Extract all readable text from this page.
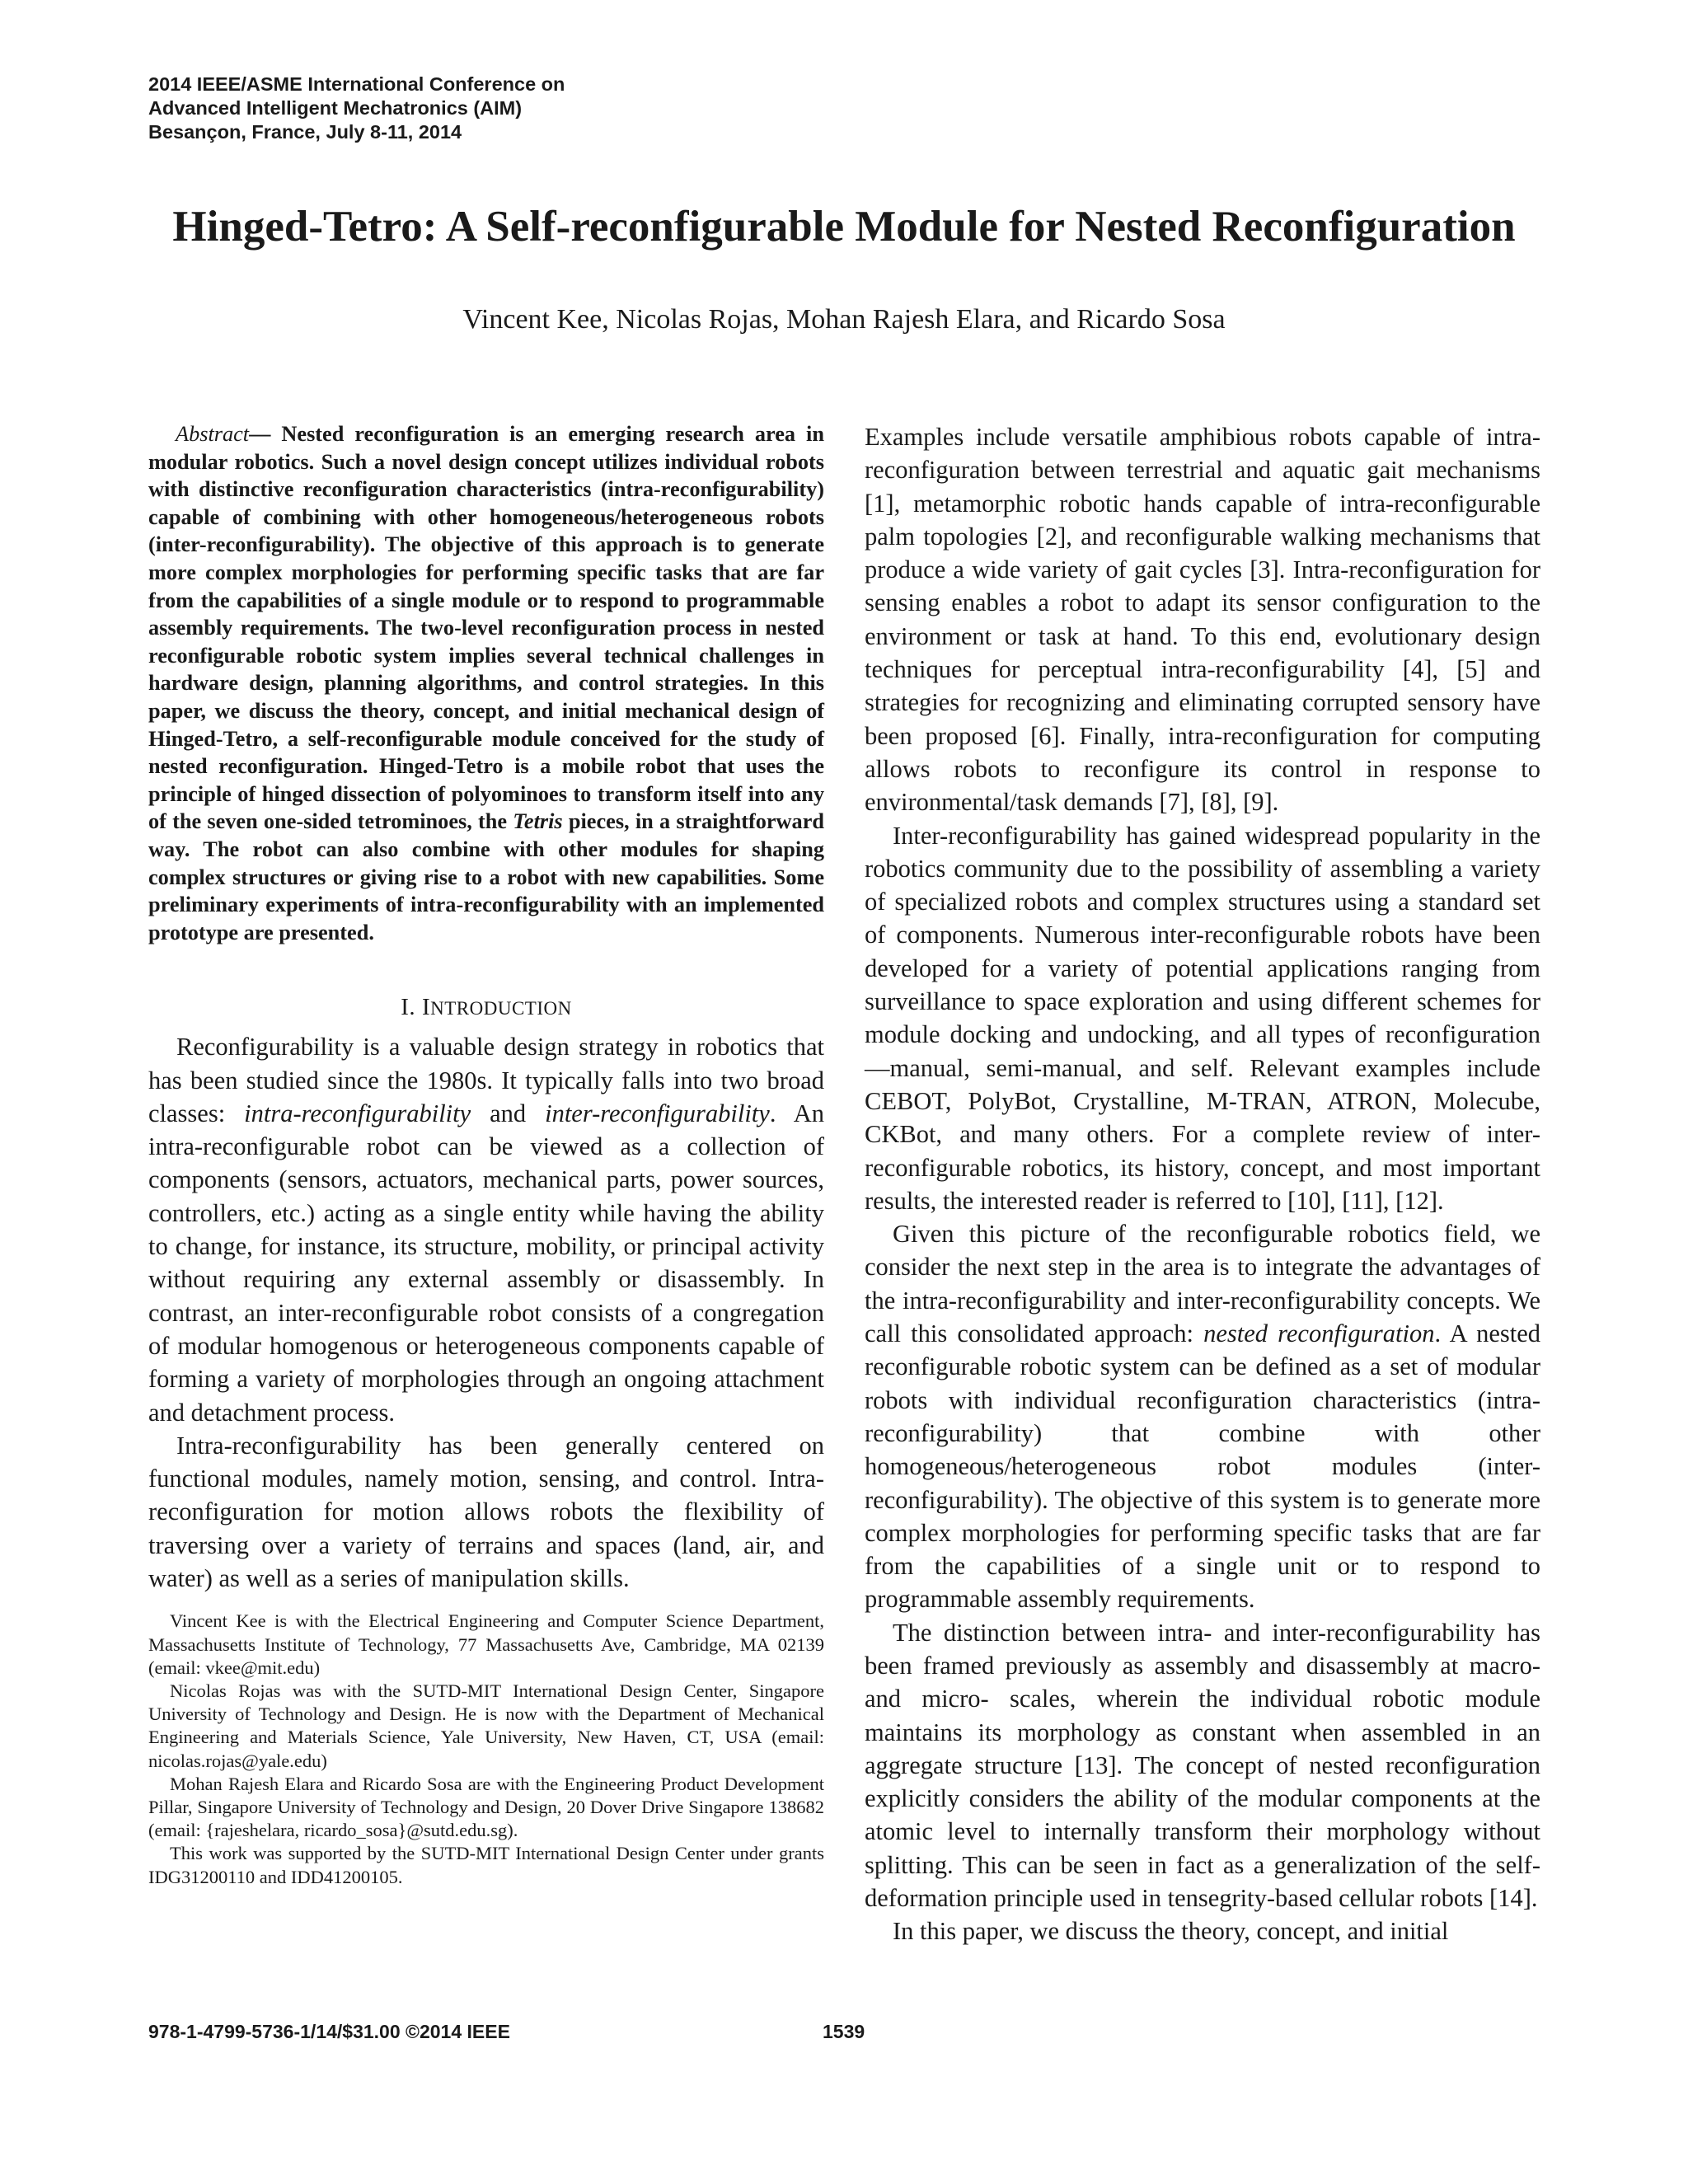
2014 IEEE/ASME International Conference on
Advanced Intelligent Mechatronics (AIM)
Besançon, France, July 8-11, 2014
Hinged-Tetro: A Self-reconfigurable Module for Nested Reconfiguration
Vincent Kee, Nicolas Rojas, Mohan Rajesh Elara, and Ricardo Sosa

Abstract— Nested reconfiguration is an emerging research area in modular robotics. Such a novel design concept utilizes individual robots with distinctive reconfiguration characteristics (intra-reconfigurability) capable of combining with other homogeneous/heterogeneous robots (inter-reconfigurability). The objective of this approach is to generate more complex morphologies for performing specific tasks that are far from the capabilities of a single module or to respond to programmable assembly requirements. The two-level reconfiguration process in nested reconfigurable robotic system implies several technical challenges in hardware design, planning algorithms, and control strategies. In this paper, we discuss the theory, concept, and initial mechanical design of Hinged-Tetro, a self-reconfigurable module conceived for the study of nested reconfiguration. Hinged-Tetro is a mobile robot that uses the principle of hinged dissection of polyominoes to transform itself into any of the seven one-sided tetrominoes, the Tetris pieces, in a straightforward way. The robot can also combine with other modules for shaping complex structures or giving rise to a robot with new capabilities. Some preliminary experiments of intra-reconfigurability with an implemented prototype are presented.

I. INTRODUCTION

Reconfigurability is a valuable design strategy in robotics that has been studied since the 1980s. It typically falls into two broad classes: intra-reconfigurability and inter-reconfigurability. An intra-reconfigurable robot can be viewed as a collection of components (sensors, actuators, mechanical parts, power sources, controllers, etc.) acting as a single entity while having the ability to change, for instance, its structure, mobility, or principal activity without requiring any external assembly or disassembly. In contrast, an inter-reconfigurable robot consists of a congregation of modular homogenous or heterogeneous components capable of forming a variety of morphologies through an ongoing attachment and detachment process.

Intra-reconfigurability has been generally centered on functional modules, namely motion, sensing, and control. Intra-reconfiguration for motion allows robots the flexibility of traversing over a variety of terrains and spaces (land, air, and water) as well as a series of manipulation skills.

Vincent Kee is with the Electrical Engineering and Computer Science Department, Massachusetts Institute of Technology, 77 Massachusetts Ave, Cambridge, MA 02139 (email: vkee@mit.edu)

Nicolas Rojas was with the SUTD-MIT International Design Center, Singapore University of Technology and Design. He is now with the Department of Mechanical Engineering and Materials Science, Yale University, New Haven, CT, USA (email: nicolas.rojas@yale.edu)

Mohan Rajesh Elara and Ricardo Sosa are with the Engineering Product Development Pillar, Singapore University of Technology and Design, 20 Dover Drive Singapore 138682 (email: {rajeshelara, ricardo_sosa}@sutd.edu.sg).

This work was supported by the SUTD-MIT International Design Center under grants IDG31200110 and IDD41200105.

Examples include versatile amphibious robots capable of intra-reconfiguration between terrestrial and aquatic gait mechanisms [1], metamorphic robotic hands capable of intra-reconfigurable palm topologies [2], and reconfigurable walking mechanisms that produce a wide variety of gait cycles [3]. Intra-reconfiguration for sensing enables a robot to adapt its sensor configuration to the environment or task at hand. To this end, evolutionary design techniques for perceptual intra-reconfigurability [4], [5] and strategies for recognizing and eliminating corrupted sensory have been proposed [6]. Finally, intra-reconfiguration for computing allows robots to reconfigure its control in response to environmental/task demands [7], [8], [9].

Inter-reconfigurability has gained widespread popularity in the robotics community due to the possibility of assembling a variety of specialized robots and complex structures using a standard set of components. Numerous inter-reconfigurable robots have been developed for a variety of potential applications ranging from surveillance to space exploration and using different schemes for module docking and undocking, and all types of reconfiguration —manual, semi-manual, and self. Relevant examples include CEBOT, PolyBot, Crystalline, M-TRAN, ATRON, Molecube, CKBot, and many others. For a complete review of inter-reconfigurable robotics, its history, concept, and most important results, the interested reader is referred to [10], [11], [12].

Given this picture of the reconfigurable robotics field, we consider the next step in the area is to integrate the advantages of the intra-reconfigurability and inter-reconfigurability concepts. We call this consolidated approach: nested reconfiguration. A nested reconfigurable robotic system can be defined as a set of modular robots with individual reconfiguration characteristics (intra-reconfigurability) that combine with other homogeneous/heterogeneous robot modules (inter-reconfigurability). The objective of this system is to generate more complex morphologies for performing specific tasks that are far from the capabilities of a single unit or to respond to programmable assembly requirements.

The distinction between intra- and inter-reconfigurability has been framed previously as assembly and disassembly at macro- and micro- scales, wherein the individual robotic module maintains its morphology as constant when assembled in an aggregate structure [13]. The concept of nested reconfiguration explicitly considers the ability of the modular components at the atomic level to internally transform their morphology without splitting. This can be seen in fact as a generalization of the self-deformation principle used in tensegrity-based cellular robots [14].

In this paper, we discuss the theory, concept, and initial

978-1-4799-5736-1/14/$31.00 ©2014 IEEE	1539
